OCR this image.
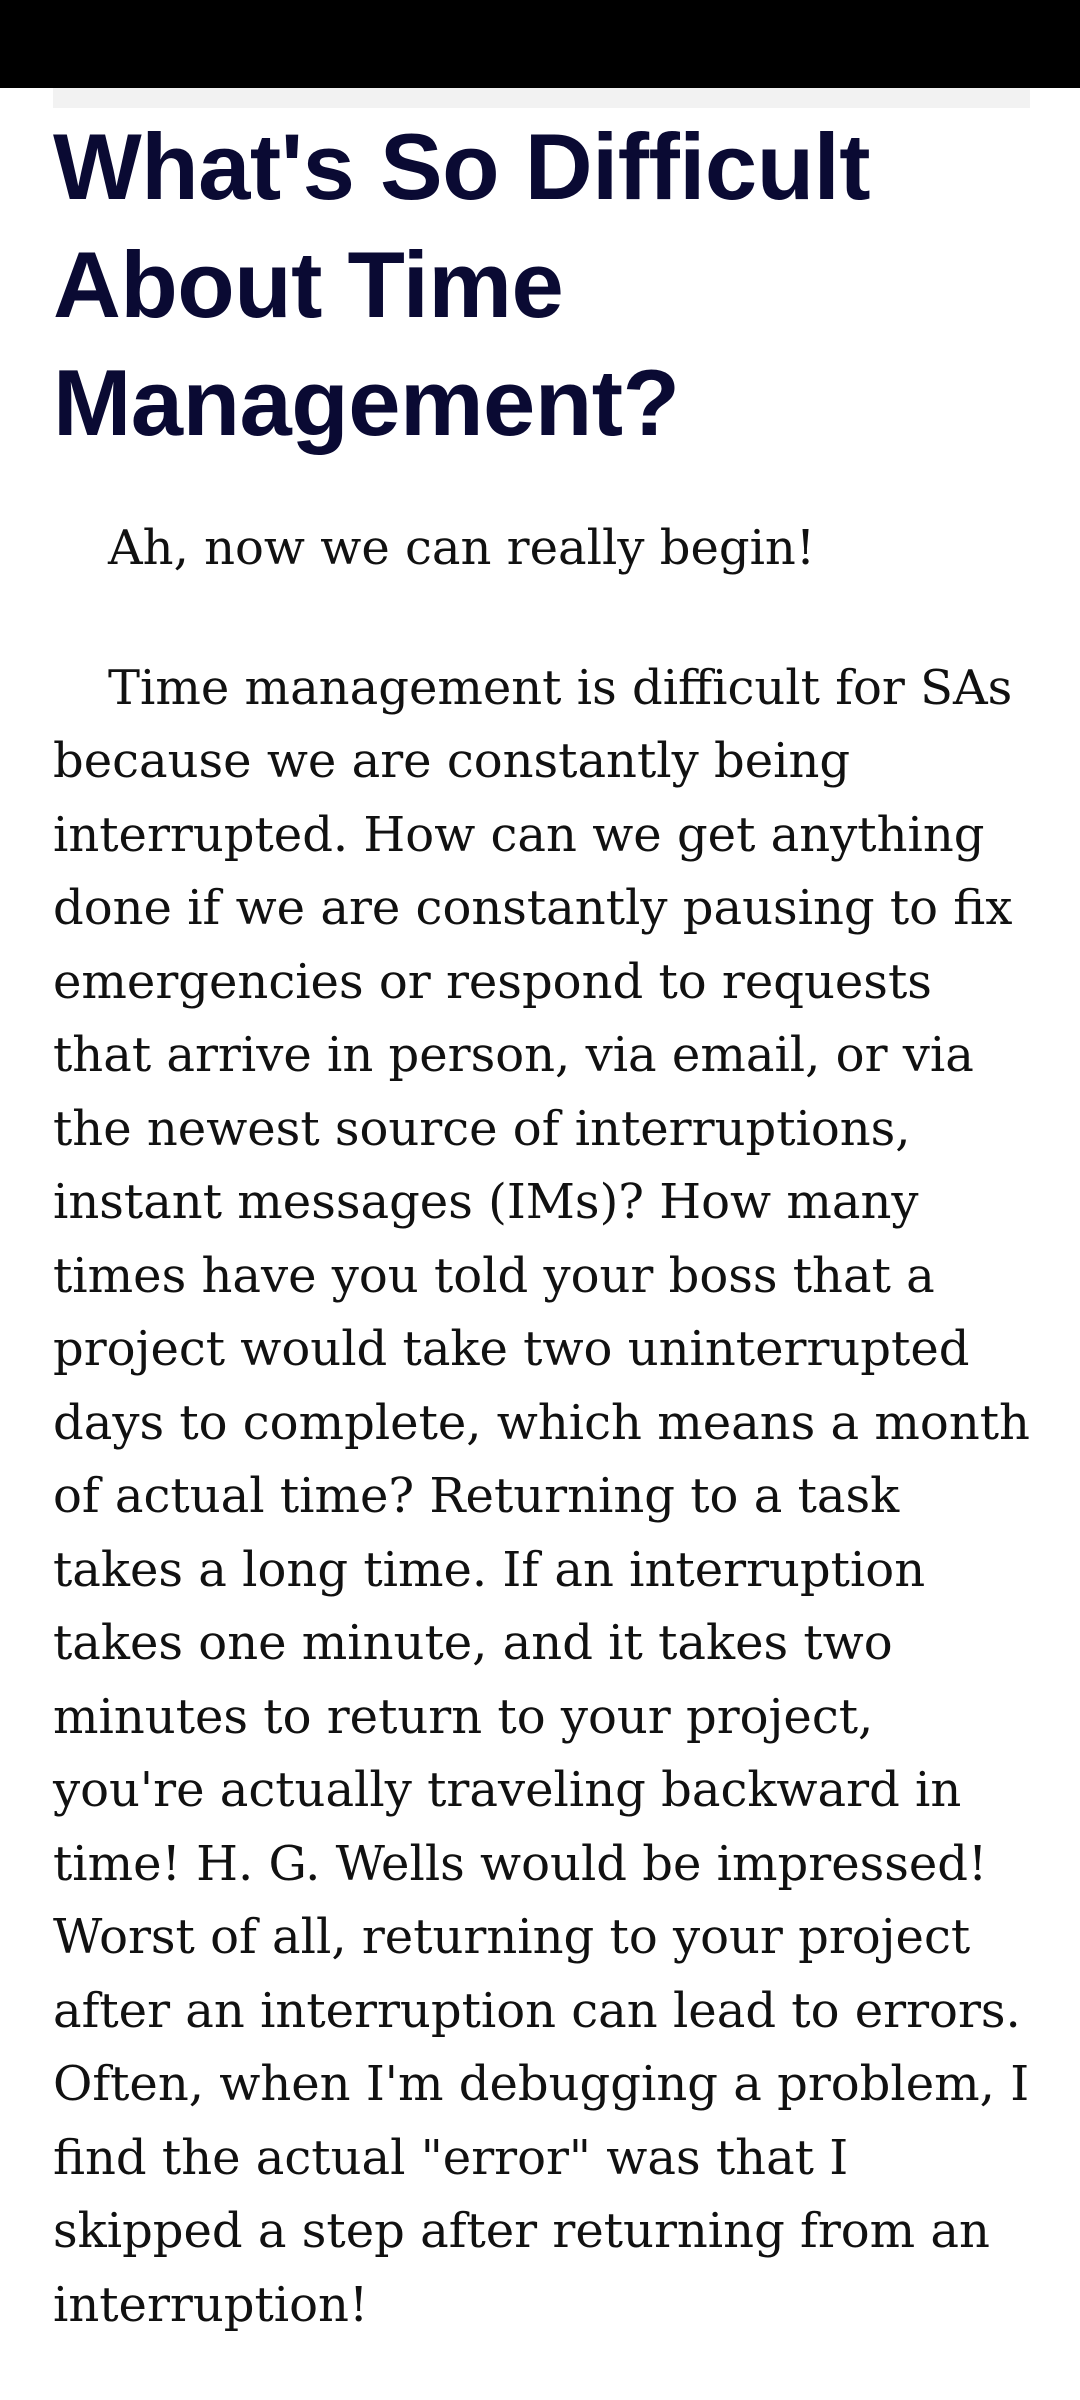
What's So Difficult About Time Management?

Ah, now we can really begin!

Time management is difficult for SAs because we are constantly being interrupted. How can we get anything done if we are constantly pausing to fix emergencies or respond to requests that arrive in person, via email, or via the newest source of interruptions, instant messages (IMs)? How many times have you told your boss that a project would take two uninterrupted days to complete, which means a month of actual time? Returning to a task takes a long time. If an interruption takes one minute, and it takes two minutes to return to your project, you're actually traveling backward in time! H. G. Wells would be impressed! Worst of all, returning to your project after an interruption can lead to errors. Often, when I'm debugging a problem, I find the actual "error" was that I skipped a step after returning from an interruption!
